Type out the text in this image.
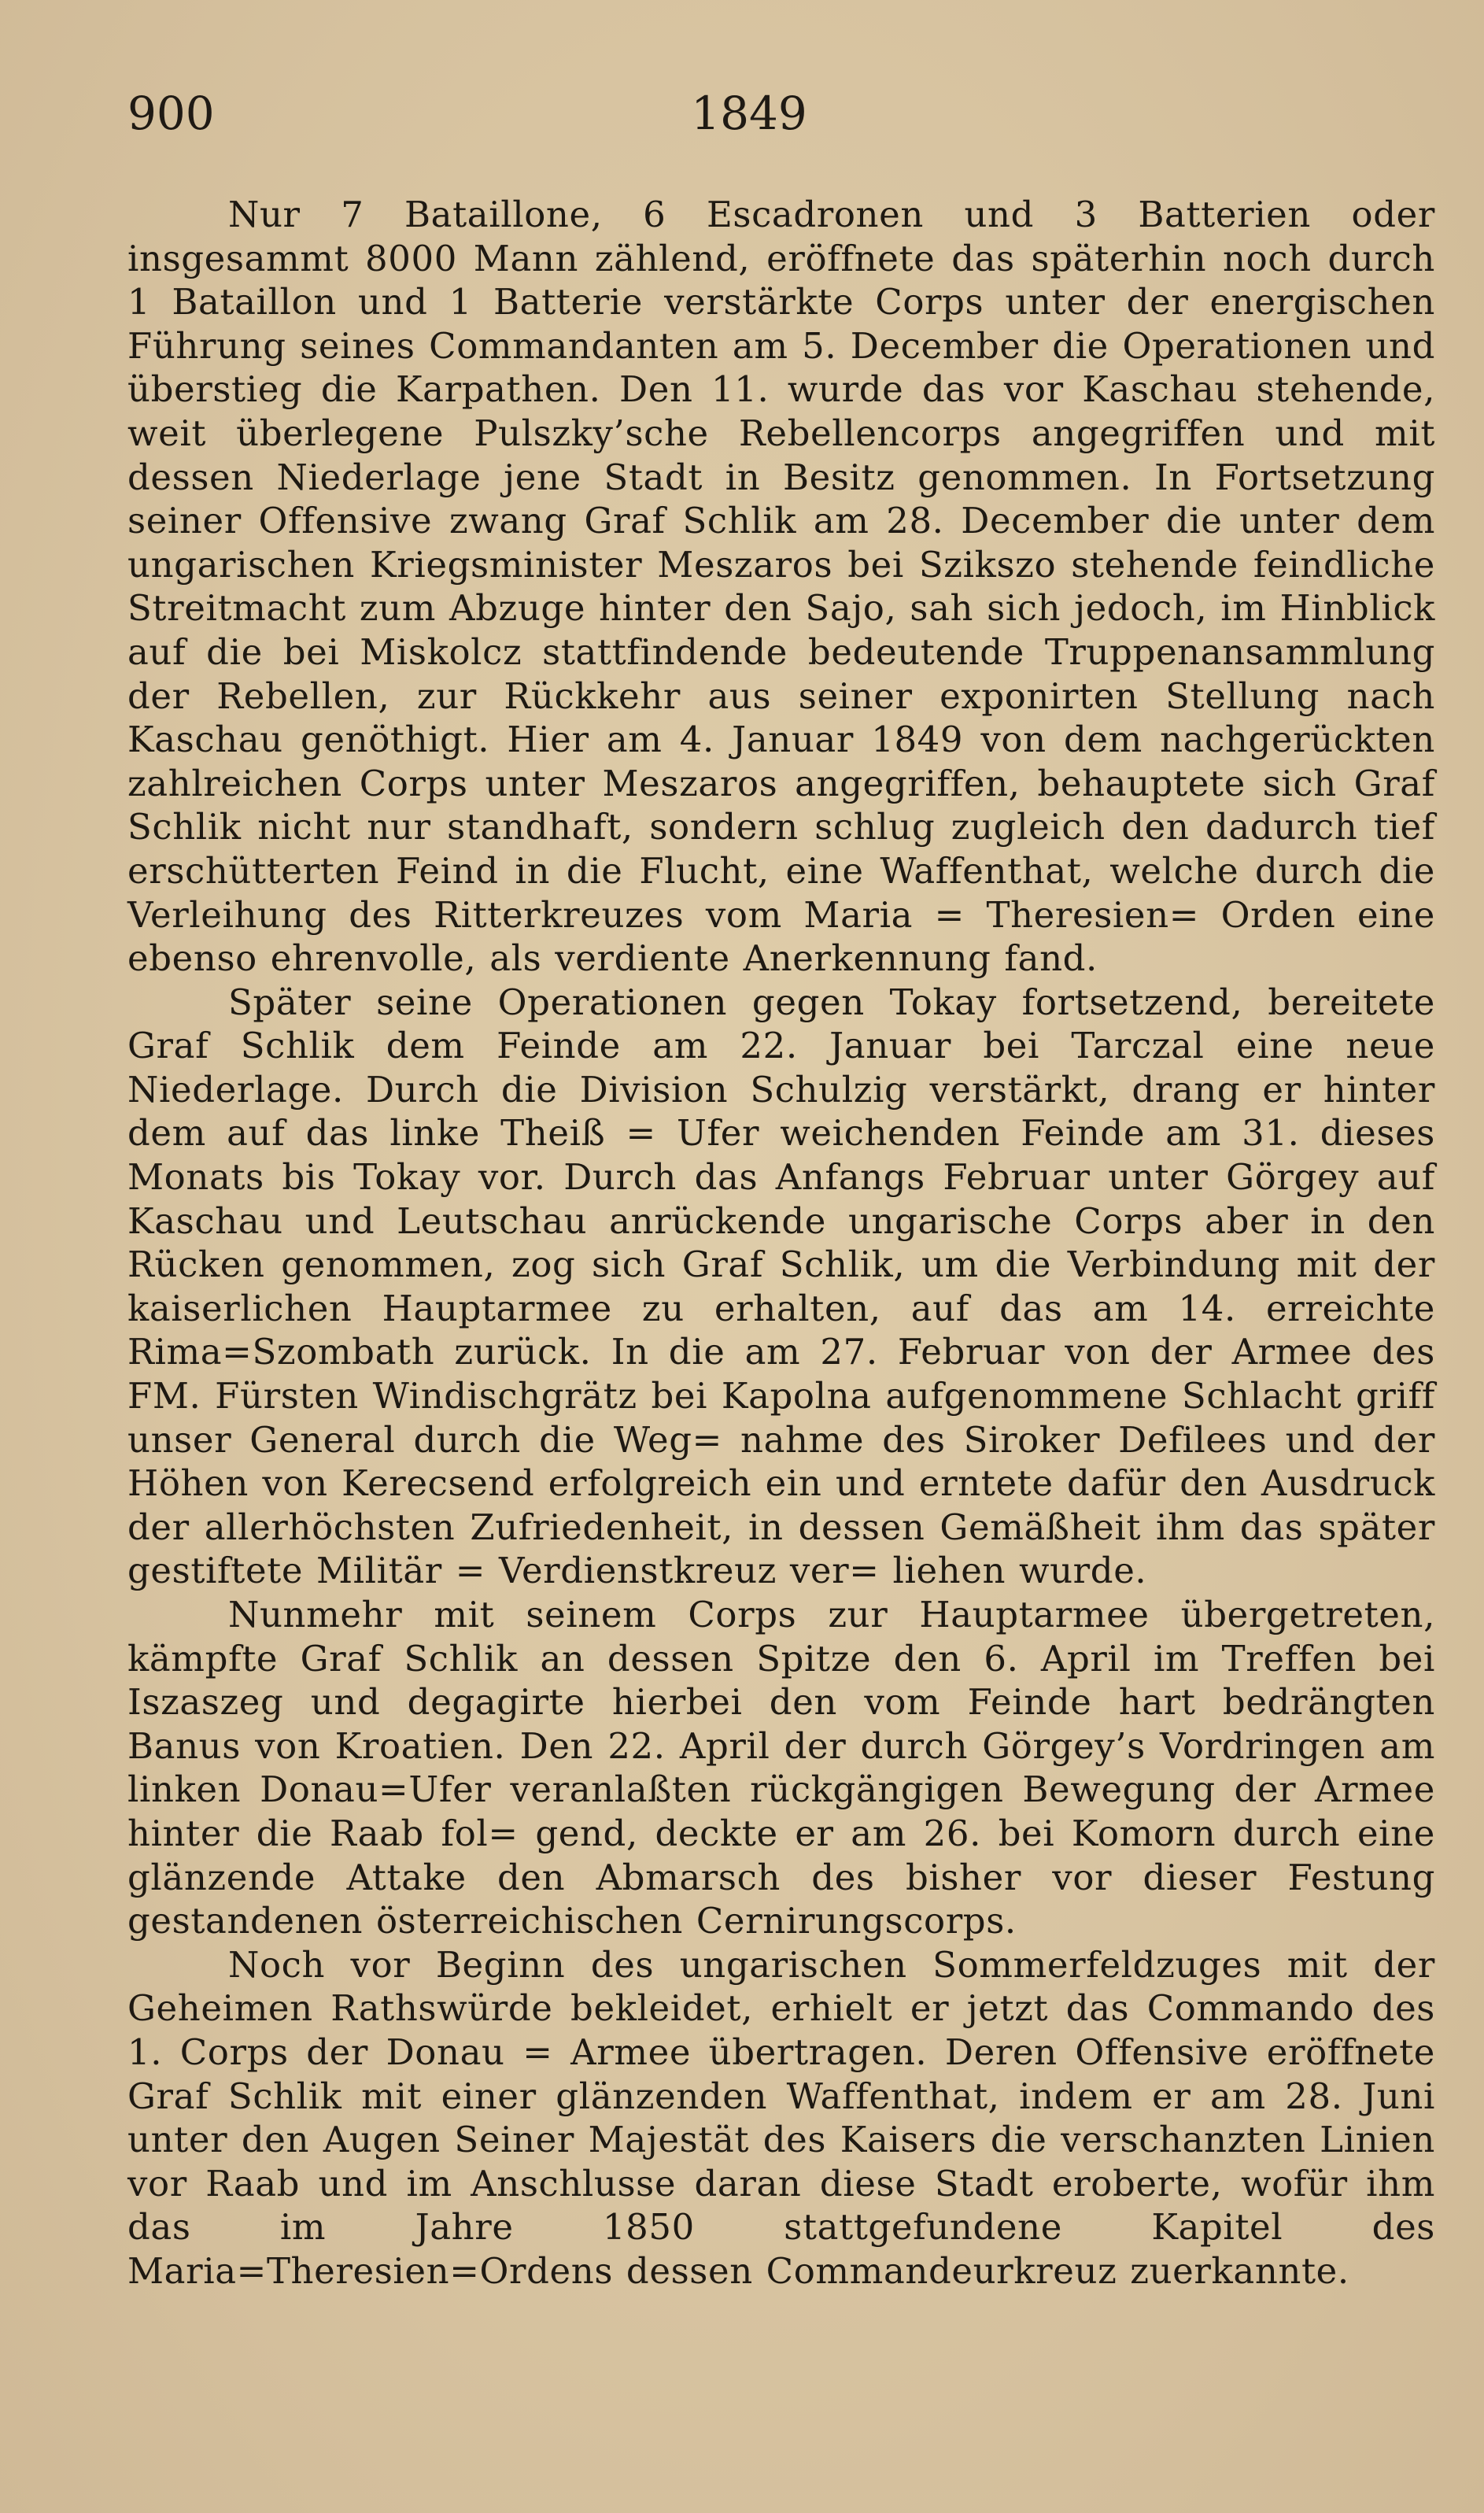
900	1849

Nur 7 Bataillone, 6 Escadronen und 3 Batterien oder insgesammt 8000 Mann zählend, eröffnete das späterhin noch durch 1 Bataillon und 1 Batterie verstärkte Corps unter der energischen Führung seines Commandanten am 5. December die Operationen und überstieg die Karpathen. Den 11. wurde das vor Kaschau stehende, weit überlegene Pulszky’sche Rebellencorps angegriffen und mit dessen Niederlage jene Stadt in Besitz genommen. In Fortsetzung seiner Offensive zwang Graf Schlik am 28. December die unter dem ungarischen Kriegsminister Meszaros bei Szikszo stehende feindliche Streitmacht zum Abzuge hinter den Sajo, sah sich jedoch, im Hinblick auf die bei Miskolcz stattfindende bedeutende Truppenansammlung der Rebellen, zur Rückkehr aus seiner exponirten Stellung nach Kaschau genöthigt. Hier am 4. Januar 1849 von dem nachgerückten zahlreichen Corps unter Meszaros angegriffen, behauptete sich Graf Schlik nicht nur standhaft, sondern schlug zugleich den dadurch tief erschütterten Feind in die Flucht, eine Waffenthat, welche durch die Verleihung des Ritterkreuzes vom Maria = Theresien= Orden eine ebenso ehrenvolle, als verdiente Anerkennung fand.

Später seine Operationen gegen Tokay fortsetzend, bereitete Graf Schlik dem Feinde am 22. Januar bei Tarczal eine neue Niederlage. Durch die Division Schulzig verstärkt, drang er hinter dem auf das linke Theiß = Ufer weichenden Feinde am 31. dieses Monats bis Tokay vor. Durch das Anfangs Februar unter Görgey auf Kaschau und Leutschau anrückende ungarische Corps aber in den Rücken genommen, zog sich Graf Schlik, um die Verbindung mit der kaiserlichen Hauptarmee zu erhalten, auf das am 14. erreichte Rima=Szombath zurück. In die am 27. Februar von der Armee des FM. Fürsten Windischgrätz bei Kapolna aufgenommene Schlacht griff unser General durch die Weg= nahme des Siroker Defilees und der Höhen von Kerecsend erfolgreich ein und erntete dafür den Ausdruck der allerhöchsten Zufriedenheit, in dessen Gemäßheit ihm das später gestiftete Militär = Verdienstkreuz ver= liehen wurde.

Nunmehr mit seinem Corps zur Hauptarmee übergetreten, kämpfte Graf Schlik an dessen Spitze den 6. April im Treffen bei Iszaszeg und degagirte hierbei den vom Feinde hart bedrängten Banus von Kroatien. Den 22. April der durch Görgey’s Vordringen am linken Donau=Ufer veranlaßten rückgängigen Bewegung der Armee hinter die Raab fol= gend, deckte er am 26. bei Komorn durch eine glänzende Attake den Abmarsch des bisher vor dieser Festung gestandenen österreichischen Cernirungscorps.

Noch vor Beginn des ungarischen Sommerfeldzuges mit der Geheimen Rathswürde bekleidet, erhielt er jetzt das Commando des 1. Corps der Donau = Armee übertragen. Deren Offensive eröffnete Graf Schlik mit einer glänzenden Waffenthat, indem er am 28. Juni unter den Augen Seiner Majestät des Kaisers die verschanzten Linien vor Raab und im Anschlusse daran diese Stadt eroberte, wofür ihm das im Jahre 1850 stattgefundene Kapitel des Maria=Theresien=Ordens dessen Commandeurkreuz zuerkannte.
